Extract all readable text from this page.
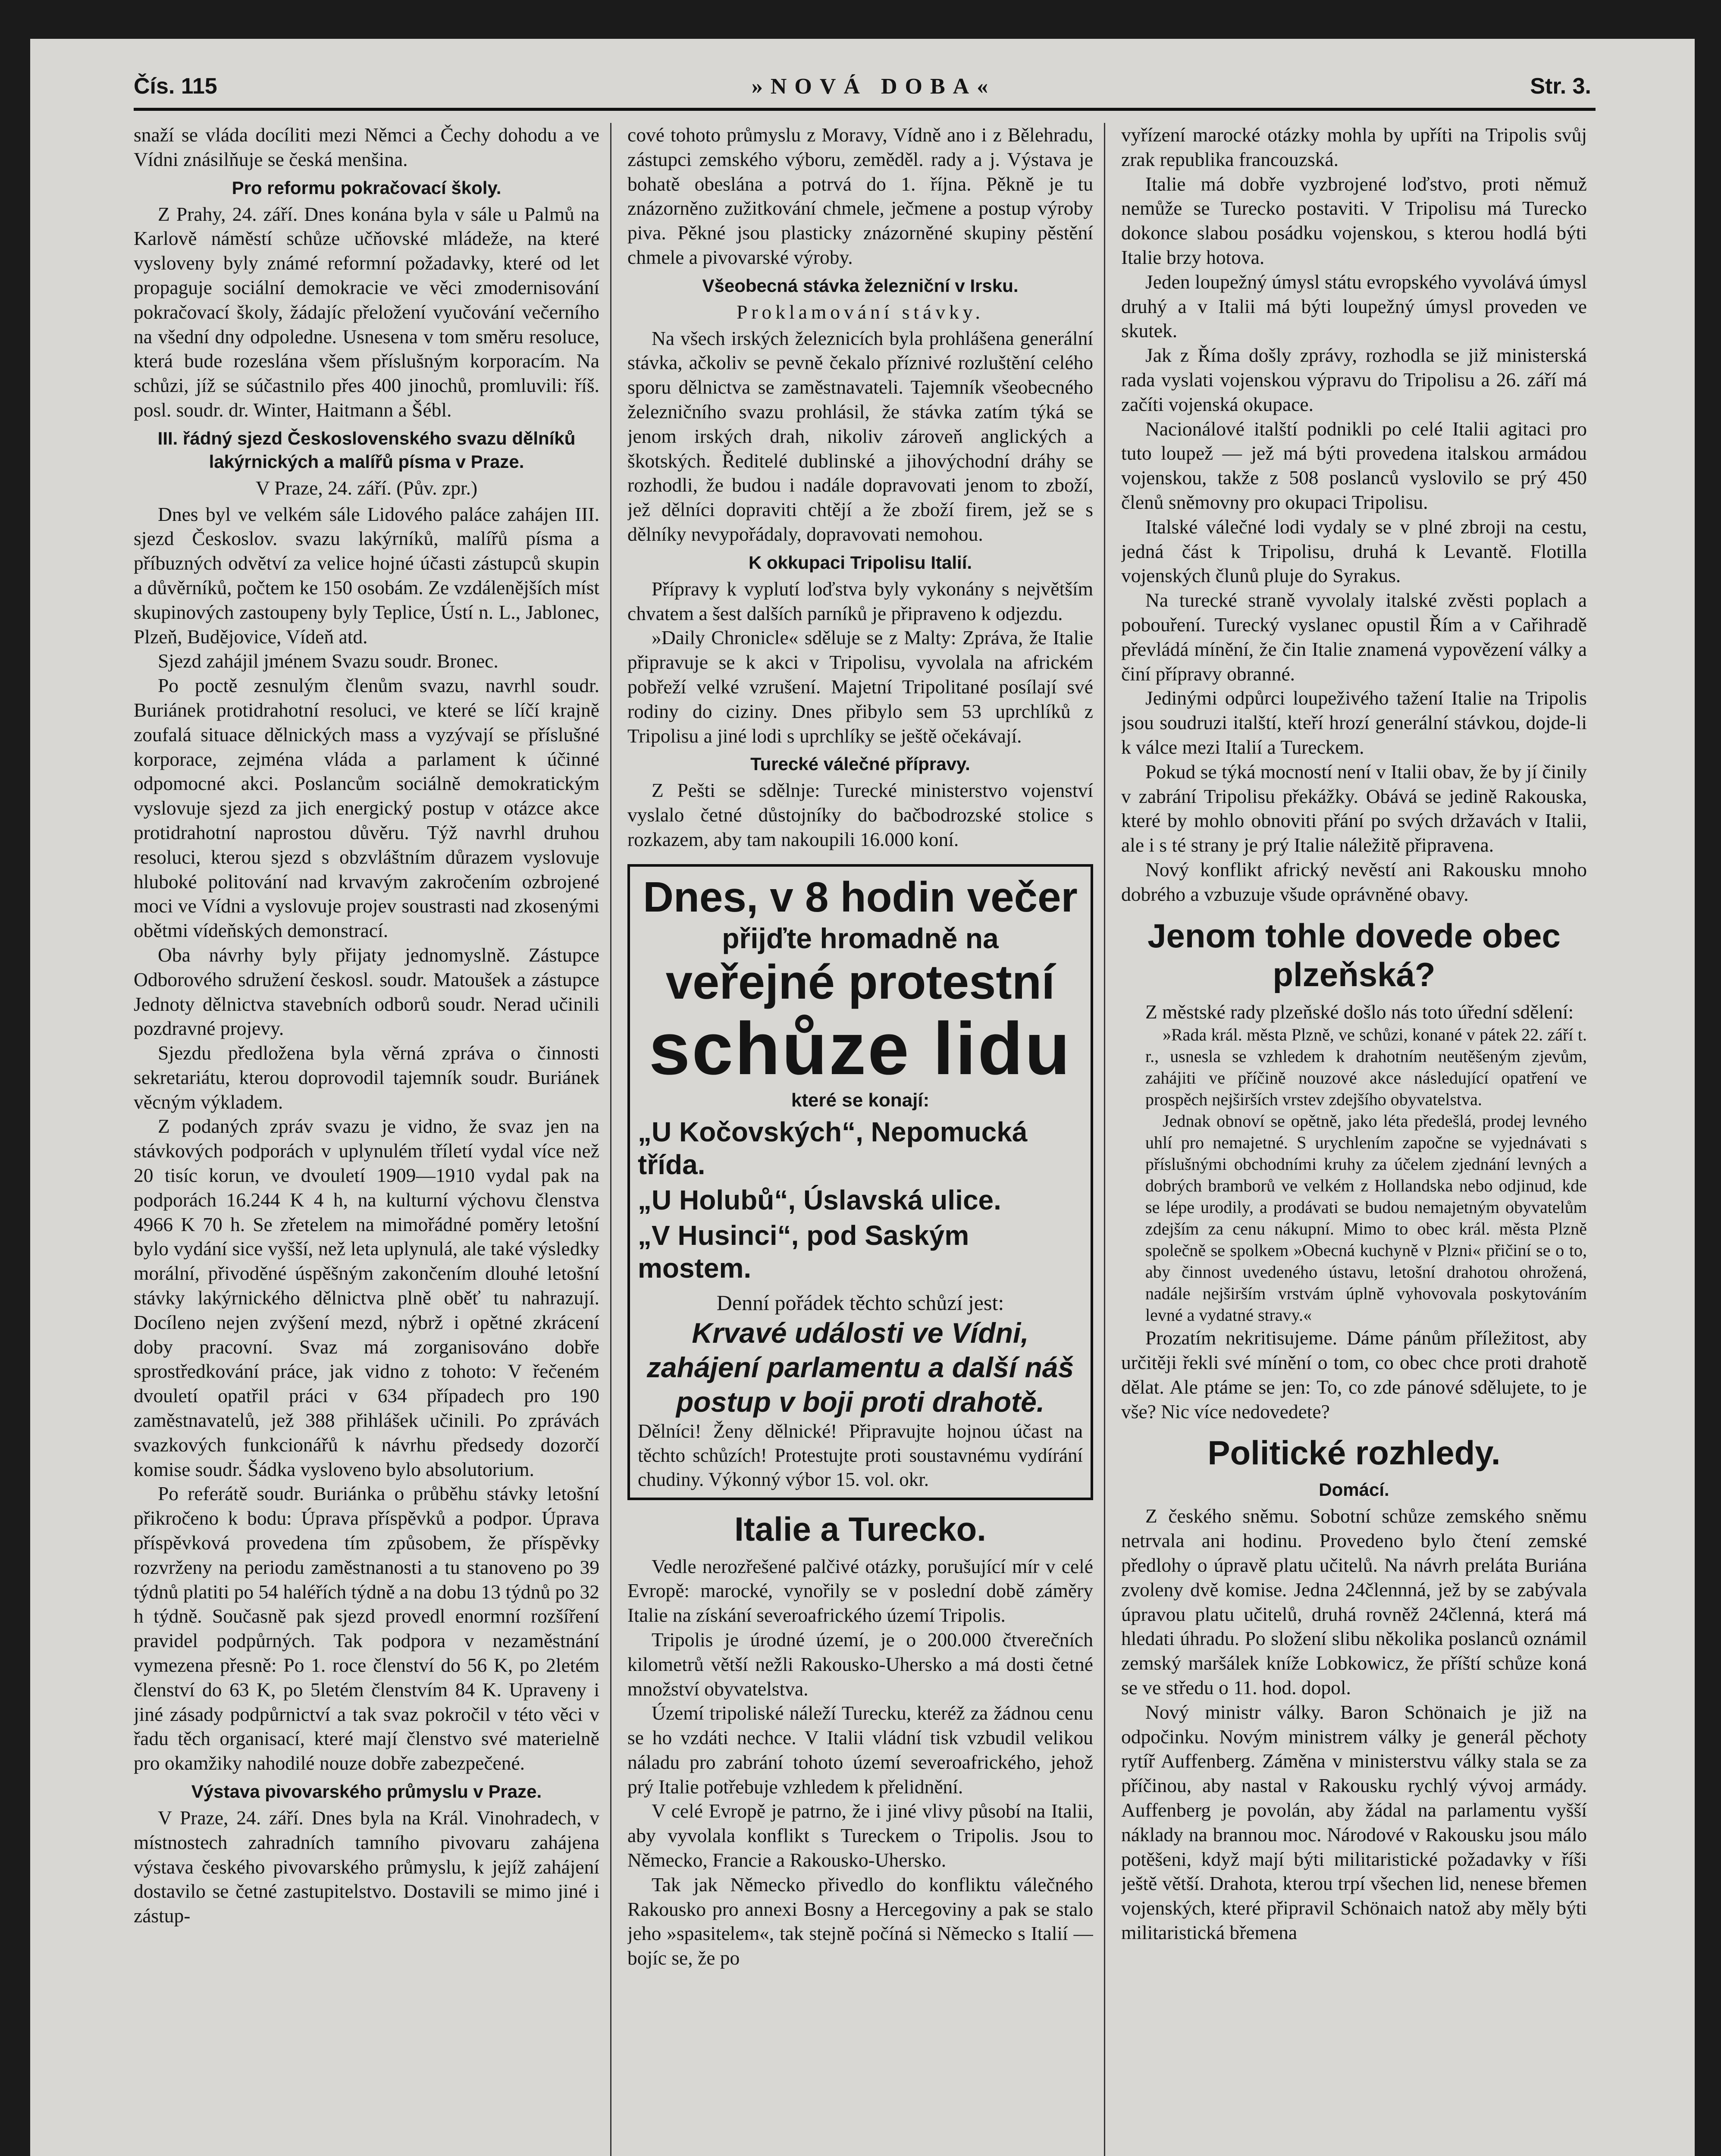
Čís. 115	»NOVÁ DOBA«	Str. 3.

snaží se vláda docíliti mezi Němci a Čechy dohodu a ve Vídni znásilňuje se česká menšina.

Pro reformu pokračovací školy.

Z Prahy, 24. září. Dnes konána byla v sále u Palmů na Karlově náměstí schůze učňovské mládeže, na které vysloveny byly známé reformní požadavky, které od let propaguje sociální demokracie ve věci zmodernisování pokračovací školy, žádajíc přeložení vyučování večerního na všední dny odpoledne. Usnesena v tom směru resoluce, která bude rozeslána všem příslušným korporacím. Na schůzi, jíž se súčastnilo přes 400 jinochů, promluvili: říš. posl. soudr. dr. Winter, Haitmann a Šébl.

III. řádný sjezd Československého svazu dělníků lakýrnických a malířů písma v Praze.

V Praze, 24. září. (Pův. zpr.)

Dnes byl ve velkém sále Lidového paláce zahájen III. sjezd Českoslov. svazu lakýrníků, malířů písma a příbuzných odvětví za velice hojné účasti zástupců skupin a důvěrníků, počtem ke 150 osobám. Ze vzdálenějších míst skupinových zastoupeny byly Teplice, Ústí n. L., Jablonec, Plzeň, Budějovice, Vídeň atd.

Sjezd zahájil jménem Svazu soudr. Bronec.

Po poctě zesnulým členům svazu, navrhl soudr. Buriánek protidrahotní resoluci, ve které se líčí krajně zoufalá situace dělnických mass a vyzývají se příslušné korporace, zejména vláda a parlament k účinné odpomocné akci. Poslancům sociálně demokratickým vyslovuje sjezd za jich energický postup v otázce akce protidrahotní naprostou důvěru. Týž navrhl druhou resoluci, kterou sjezd s obzvláštním důrazem vyslovuje hluboké politování nad krvavým zakročením ozbrojené moci ve Vídni a vyslovuje projev soustrasti nad zkosenými obětmi vídeňských demonstrací.

Oba návrhy byly přijaty jednomyslně. Zástupce Odborového sdružení českosl. soudr. Matoušek a zástupce Jednoty dělnictva stavebních odborů soudr. Nerad učinili pozdravné projevy.

Sjezdu předložena byla věrná zpráva o činnosti sekretariátu, kterou doprovodil tajemník soudr. Buriánek věcným výkladem.

Z podaných zpráv svazu je vidno, že svaz jen na stávkových podporách v uplynulém tříletí vydal více než 20 tisíc korun, ve dvouletí 1909—1910 vydal pak na podporách 16.244 K 4 h, na kulturní výchovu členstva 4966 K 70 h. Se zřetelem na mimořádné poměry letošní bylo vydání sice vyšší, než leta uplynulá, ale také výsledky morální, přivoděné úspěšným zakončením dlouhé letošní stávky lakýrnického dělnictva plně oběť tu nahrazují. Docíleno nejen zvýšení mezd, nýbrž i opětné zkrácení doby pracovní. Svaz má zorganisováno dobře sprostředkování práce, jak vidno z tohoto: V řečeném dvouletí opatřil práci v 634 případech pro 190 zaměstnavatelů, jež 388 přihlášek učinili. Po zprávách svazkových funkcionářů k návrhu předsedy dozorčí komise soudr. Šádka vysloveno bylo absolutorium.

Po referátě soudr. Buriánka o průběhu stávky letošní přikročeno k bodu: Úprava příspěvků a podpor. Úprava příspěvková provedena tím způsobem, že příspěvky rozvrženy na periodu zaměstnanosti a tu stanoveno po 39 týdnů platiti po 54 haléřích týdně a na dobu 13 týdnů po 32 h týdně. Současně pak sjezd provedl enormní rozšíření pravidel podpůrných. Tak podpora v nezaměstnání vymezena přesně: Po 1. roce členství do 56 K, po 2letém členství do 63 K, po 5letém členstvím 84 K. Upraveny i jiné zásady podpůrnictví a tak svaz pokročil v této věci v řadu těch organisací, které mají členstvo své materielně pro okamžiky nahodilé nouze dobře zabezpečené.

Výstava pivovarského průmyslu v Praze.

V Praze, 24. září. Dnes byla na Král. Vinohradech, v místnostech zahradních tamního pivovaru zahájena výstava českého pivovarského průmyslu, k jejíž zahájení dostavilo se četné zastupitelstvo. Dostavili se mimo jiné i zástup-

cové tohoto průmyslu z Moravy, Vídně ano i z Bělehradu, zástupci zemského výboru, zeměděl. rady a j. Výstava je bohatě obeslána a potrvá do 1. října. Pěkně je tu znázorněno zužitkování chmele, ječmene a postup výroby piva. Pěkné jsou plasticky znázorněné skupiny pěstění chmele a pivovarské výroby.

Všeobecná stávka železniční v Irsku.

Proklamování stávky.

Na všech irských železnicích byla prohlášena generální stávka, ačkoliv se pevně čekalo příznivé rozluštění celého sporu dělnictva se zaměstnavateli. Tajemník všeobecného železničního svazu prohlásil, že stávka zatím týká se jenom irských drah, nikoliv zároveň anglických a škotských. Ředitelé dublinské a jihovýchodní dráhy se rozhodli, že budou i nadále dopravovati jenom to zboží, jež dělníci dopraviti chtějí a že zboží firem, jež se s dělníky nevypořádaly, dopravovati nemohou.

K okkupaci Tripolisu Italií.

Přípravy k vyplutí loďstva byly vykonány s největším chvatem a šest dalších parníků je připraveno k odjezdu.

»Daily Chronicle« sděluje se z Malty: Zpráva, že Italie připravuje se k akci v Tripolisu, vyvolala na africkém pobřeží velké vzrušení. Majetní Tripolitané posílají své rodiny do ciziny. Dnes přibylo sem 53 uprchlíků z Tripolisu a jiné lodi s uprchlíky se ještě očekávají.

Turecké válečné přípravy.

Z Pešti se sdělnje: Turecké ministerstvo vojenství vyslalo četné důstojníky do bačbodrozské stolice s rozkazem, aby tam nakoupili 16.000 koní.

Dnes, v 8 hodin večer
přijďte hromadně na
veřejné protestní
schůze lidu
které se konají:
„U Kočovských“, Nepomucká třída.
„U Holubů“, Úslavská ulice.
„V Husinci“, pod Saským mostem.
Denní pořádek těchto schůzí jest:
Krvavé události ve Vídni, zahájení parlamentu a další náš postup v boji proti drahotě.

Dělníci! Ženy dělnické! Připravujte hojnou účast na těchto schůzích! Protestujte proti soustavnému vydírání chudiny. Výkonný výbor 15. vol. okr.

Italie a Turecko.

Vedle nerozřešené palčivé otázky, porušující mír v celé Evropě: marocké, vynořily se v poslední době záměry Italie na získání severoafrického území Tripolis.

Tripolis je úrodné území, je o 200.000 čtverečních kilometrů větší nežli Rakousko-Uhersko a má dosti četné množství obyvatelstva.

Území tripoliské náleží Turecku, kteréž za žádnou cenu se ho vzdáti nechce. V Italii vládní tisk vzbudil velikou náladu pro zabrání tohoto území severoafrického, jehož prý Italie potřebuje vzhledem k přelidnění.

V celé Evropě je patrno, že i jiné vlivy působí na Italii, aby vyvolala konflikt s Tureckem o Tripolis. Jsou to Německo, Francie a Rakousko-Uhersko.

Tak jak Německo přivedlo do konfliktu válečného Rakousko pro annexi Bosny a Hercegoviny a pak se stalo jeho »spasitelem«, tak stejně počíná si Německo s Italií — bojíc se, že po

vyřízení marocké otázky mohla by upříti na Tripolis svůj zrak republika francouzská.

Italie má dobře vyzbrojené loďstvo, proti němuž nemůže se Turecko postaviti. V Tripolisu má Turecko dokonce slabou posádku vojenskou, s kterou hodlá býti Italie brzy hotova.

Jeden loupežný úmysl státu evropského vyvolává úmysl druhý a v Italii má býti loupežný úmysl proveden ve skutek.

Jak z Říma došly zprávy, rozhodla se již ministerská rada vyslati vojenskou výpravu do Tripolisu a 26. září má začíti vojenská okupace.

Nacionálové italští podnikli po celé Italii agitaci pro tuto loupež — jež má býti provedena italskou armádou vojenskou, takže z 508 poslanců vyslovilo se prý 450 členů sněmovny pro okupaci Tripolisu.

Italské válečné lodi vydaly se v plné zbroji na cestu, jedná část k Tripolisu, druhá k Levantě. Flotilla vojenských člunů pluje do Syrakus.

Na turecké straně vyvolaly italské zvěsti poplach a pobouření. Turecký vyslanec opustil Řím a v Cařihradě převládá mínění, že čin Italie znamená vypovězení války a činí přípravy obranné.

Jedinými odpůrci loupeživého tažení Italie na Tripolis jsou soudruzi italští, kteří hrozí generální stávkou, dojde-li k válce mezi Italií a Tureckem.

Pokud se týká mocností není v Italii obav, že by jí činily v zabrání Tripolisu překážky. Obává se jedině Rakouska, které by mohlo obnoviti přání po svých državách v Italii, ale i s té strany je prý Italie náležitě připravena.

Nový konflikt africký nevěstí ani Rakousku mnoho dobrého a vzbuzuje všude oprávněné obavy.

Jenom tohle dovede obec plzeňská?

Z městské rady plzeňské došlo nás toto úřední sdělení:

»Rada král. města Plzně, ve schůzi, konané v pátek 22. září t. r., usnesla se vzhledem k drahotním neutěšeným zjevům, zahájiti ve příčině nouzové akce následující opatření ve prospěch nejširších vrstev zdejšího obyvatelstva.

Jednak obnoví se opětně, jako léta předešlá, prodej levného uhlí pro nemajetné. S urychlením započne se vyjednávati s příslušnými obchodními kruhy za účelem zjednání levných a dobrých bramborů ve velkém z Hollandska nebo odjinud, kde se lépe urodily, a prodávati se budou nemajetným obyvatelům zdejším za cenu nákupní. Mimo to obec král. města Plzně společně se spolkem »Obecná kuchyně v Plzni« přičiní se o to, aby činnost uvedeného ústavu, letošní drahotou ohrožená, nadále nejširším vrstvám úplně vyhovovala poskytováním levné a vydatné stravy.«

Prozatím nekritisujeme. Dáme pánům příležitost, aby určitěji řekli své mínění o tom, co obec chce proti drahotě dělat. Ale ptáme se jen: To, co zde pánové sdělujete, to je vše? Nic více nedovedete?

Politické rozhledy.
Domácí.

Z českého sněmu. Sobotní schůze zemského sněmu netrvala ani hodinu. Provedeno bylo čtení zemské předlohy o úpravě platu učitelů. Na návrh preláta Buriána zvoleny dvě komise. Jedna 24člennná, jež by se zabývala úpravou platu učitelů, druhá rovněž 24členná, která má hledati úhradu. Po složení slibu několika poslanců oznámil zemský maršálek kníže Lobkowicz, že příští schůze koná se ve středu o 11. hod. dopol.

Nový ministr války. Baron Schönaich je již na odpočinku. Novým ministrem války je generál pěchoty rytíř Auffenberg. Záměna v ministerstvu války stala se za příčinou, aby nastal v Rakousku rychlý vývoj armády. Auffenberg je povolán, aby žádal na parlamentu vyšší náklady na brannou moc. Národové v Rakousku jsou málo potěšeni, když mají býti militaristické požadavky v říši ještě větší. Drahota, kterou trpí všechen lid, nenese břemen vojenských, které připravil Schönaich natož aby měly býti militaristická břemena
